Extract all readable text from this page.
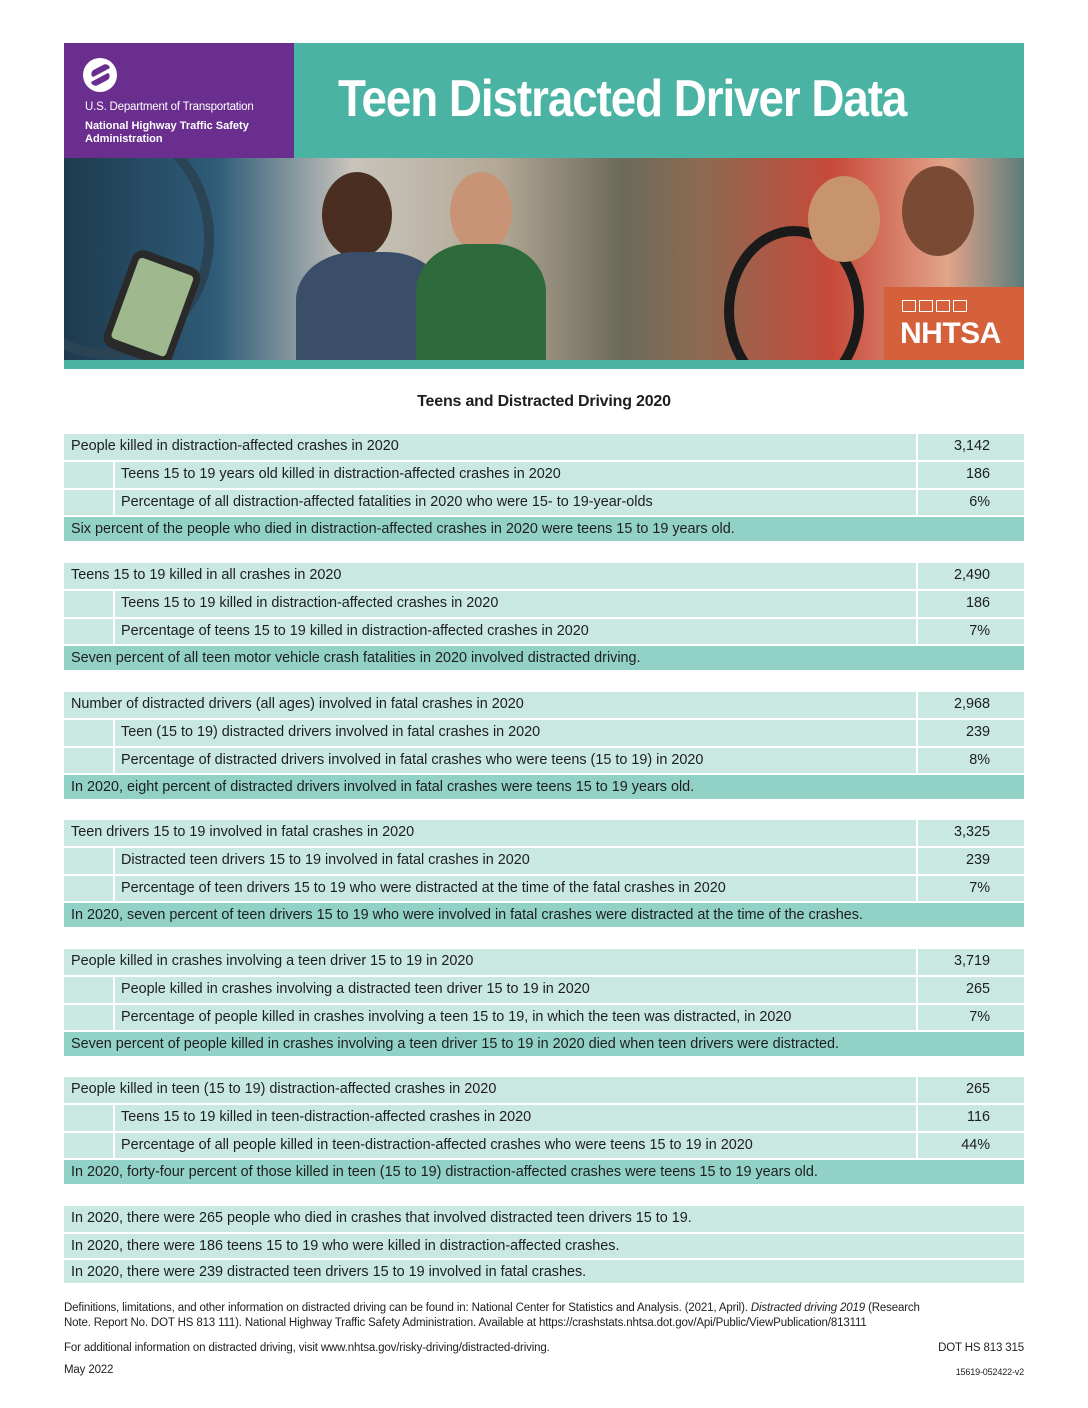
U.S. Department of Transportation
National Highway Traffic Safety Administration
Teen Distracted Driver Data
NHTSA
Teens and Distracted Driving 2020
People killed in distraction-affected crashes in 2020	3,142
Teens 15 to 19 years old killed in distraction-affected crashes in 2020	186
Percentage of all distraction-affected fatalities in 2020 who were 15- to 19-year-olds	6%
Six percent of the people who died in distraction-affected crashes in 2020 were teens 15 to 19 years old.
Teens 15 to 19 killed in all crashes in 2020	2,490
Teens 15 to 19 killed in distraction-affected crashes in 2020	186
Percentage of teens 15 to 19 killed in distraction-affected crashes in 2020	7%
Seven percent of all teen motor vehicle crash fatalities in 2020 involved distracted driving.
Number of distracted drivers (all ages) involved in fatal crashes in 2020	2,968
Teen (15 to 19) distracted drivers involved in fatal crashes in 2020	239
Percentage of distracted drivers involved in fatal crashes who were teens (15 to 19) in 2020	8%
In 2020, eight percent of distracted drivers involved in fatal crashes were teens 15 to 19 years old.
Teen drivers 15 to 19 involved in fatal crashes in 2020	3,325
Distracted teen drivers 15 to 19 involved in fatal crashes in 2020	239
Percentage of teen drivers 15 to 19 who were distracted at the time of the fatal crashes in 2020	7%
In 2020, seven percent of teen drivers 15 to 19 who were involved in fatal crashes were distracted at the time of the crashes.
People killed in crashes involving a teen driver 15 to 19 in 2020	3,719
People killed in crashes involving a distracted teen driver 15 to 19 in 2020	265
Percentage of people killed in crashes involving a teen 15 to 19, in which the teen was distracted, in 2020	7%
Seven percent of people killed in crashes involving a teen driver 15 to 19 in 2020 died when teen drivers were distracted.
People killed in teen (15 to 19) distraction-affected crashes in 2020	265
Teens 15 to 19 killed in teen-distraction-affected crashes in 2020	116
Percentage of all people killed in teen-distraction-affected crashes who were teens 15 to 19 in 2020	44%
In 2020, forty-four percent of those killed in teen (15 to 19) distraction-affected crashes were teens 15 to 19 years old.
In 2020, there were 265 people who died in crashes that involved distracted teen drivers 15 to 19.
In 2020, there were 186 teens 15 to 19 who were killed in distraction-affected crashes.
In 2020, there were 239 distracted teen drivers 15 to 19 involved in fatal crashes.
Definitions, limitations, and other information on distracted driving can be found in: National Center for Statistics and Analysis. (2021, April). Distracted driving 2019 (Research
Note. Report No. DOT HS 813 111). National Highway Traffic Safety Administration. Available at https://crashstats.nhtsa.dot.gov/Api/Public/ViewPublication/813111
For additional information on distracted driving, visit www.nhtsa.gov/risky-driving/distracted-driving.	DOT HS 813 315
May 2022	15619-052422-v2
